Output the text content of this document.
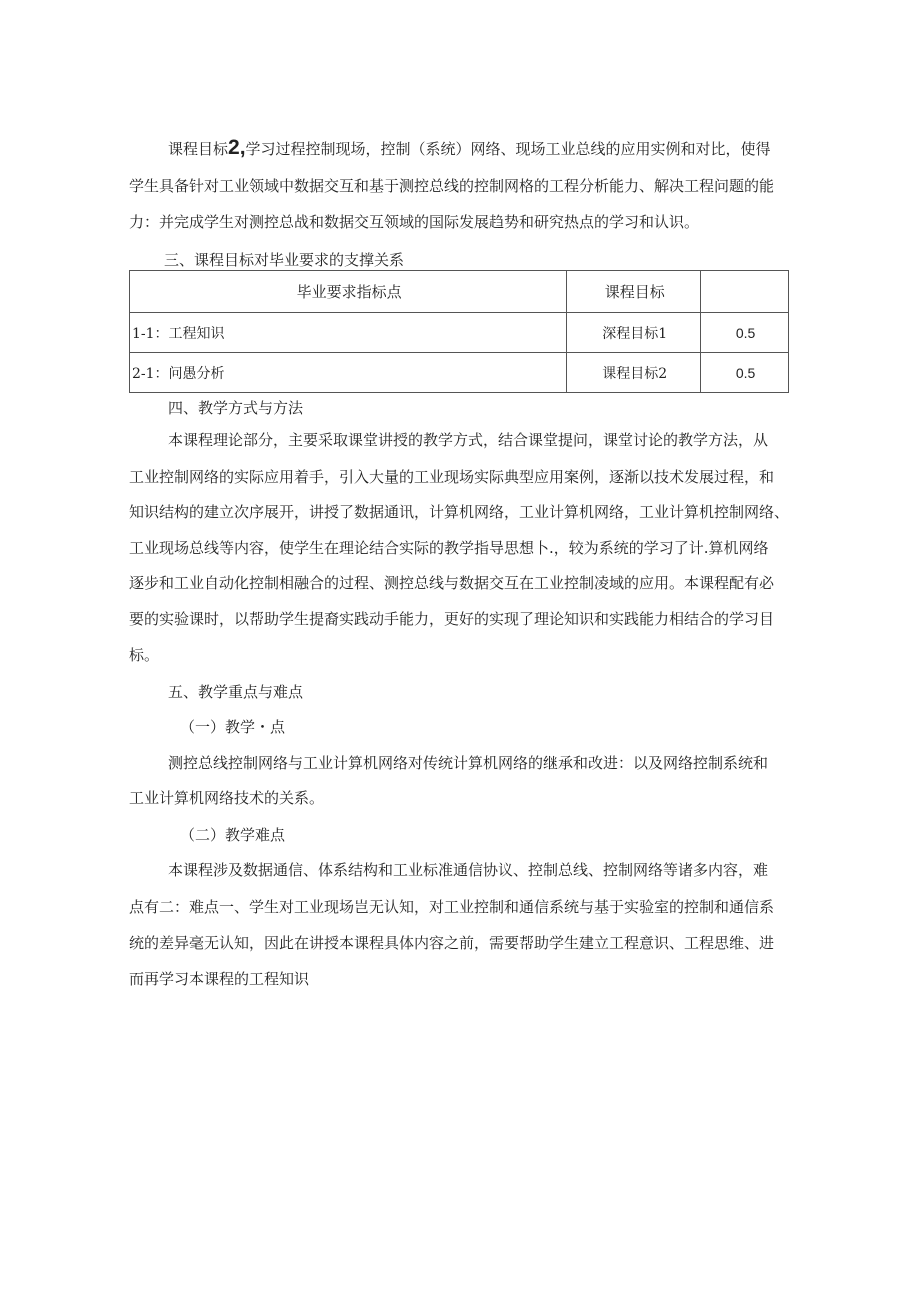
课程目标2,学习过程控制现场，控制（系统）网络、现场工业总线的应用实例和对比，使得
学生具备针对工业领域中数据交互和基于测控总线的控制网格的工程分析能力、解决工程问题的能
力：并完成学生对测控总战和数据交互领域的国际发展趋势和研究热点的学习和认识。
三、课程目标对毕业要求的支撑关系
毕业要求指标点	课程目标	
1-1：工程知识	深程目标1	0.5
2-1：问愚分析	课程目标2	0.5
四、教学方式与方法
本课程理论部分，主要采取课堂讲授的教学方式，结合课堂提问，课堂讨论的教学方法，从
工业控制网络的实际应用着手，引入大量的工业现场实际典型应用案例，逐渐以技术发展过程，和
知识结构的建立次序展开，讲授了数据通讯，计算机网络，工业计算机网络，工业计算机控制网络、
工业现场总线等内容，使学生在理论结合实际的教学指导思想卜.，较为系统的学习了计.算机网络
逐步和工业自动化控制相融合的过程、测控总线与数据交互在工业控制凌域的应用。本课程配有必
要的实验课时，以帮助学生提裔实践动手能力，更好的实现了理论知识和实践能力相结合的学习目
标。
五、教学重点与难点
（一）教学・点
测控总线控制网络与工业计算机网络对传统计算机网络的继承和改进：以及网络控制系统和
工业计算机网络技术的关系。
（二）教学难点
本课程涉及数据通信、体系结构和工业标准通信协议、控制总线、控制网络等诸多内容，难
点有二：难点一、学生对工业现场岂无认知，对工业控制和通信系统与基于实验室的控制和通信系
统的差异毫无认知，因此在讲授本课程具体内容之前，需要帮助学生建立工程意识、工程思维、进
而再学习本课程的工程知识
